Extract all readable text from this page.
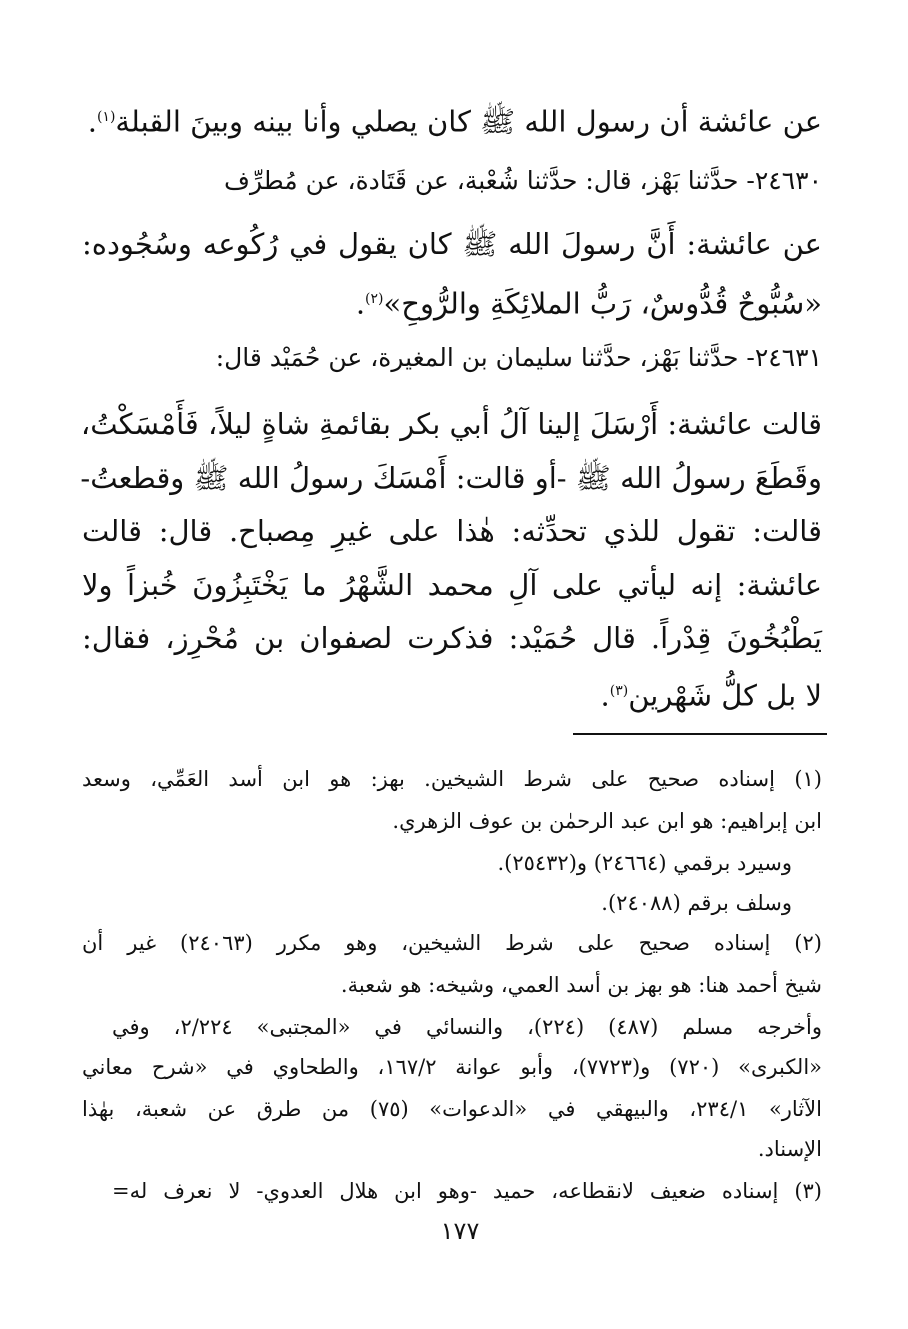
عن عائشة أن رسول الله ﷺ كان يصلي وأنا بينه وبينَ القبلة$^{(١)}$.

٢٤٦٣٠- حدَّثنا بَهْز، قال: حدَّثنا شُعْبة، عن قَتَادة، عن مُطرِّف

عن عائشة: أَنَّ رسولَ الله ﷺ كان يقول في رُكُوعه وسُجُوده:

«سُبُّوحٌ قُدُّوسٌ، رَبُّ الملائِكَةِ والرُّوحِ»$^{(٢)}$.

٢٤٦٣١- حدَّثنا بَهْز، حدَّثنا سليمان بن المغيرة، عن حُمَيْد قال:

قالت عائشة: أَرْسَلَ إلينا آلُ أبي بكر بقائمةِ شاةٍ ليلاً، فَأَمْسَكْتُ،

وقَطَعَ رسولُ الله ﷺ -أو قالت: أَمْسَكَ رسولُ الله ﷺ وقطعتُ-

قالت: تقول للذي تحدِّثه: هٰذا على غيرِ مِصباح. قال: قالت

عائشة: إنه ليأتي على آلِ محمد الشَّهْرُ ما يَخْتَبِزُونَ خُبزاً ولا

يَطْبُخُونَ قِدْراً. قال حُمَيْد: فذكرت لصفوان بن مُحْرِز، فقال:

لا بل كلُّ شَهْرين$^{(٣)}$.

(١) إسناده صحيح على شرط الشيخين. بهز: هو ابن أسد العَمِّي، وسعد

ابن إبراهيم: هو ابن عبد الرحمٰن بن عوف الزهري.

وسيرد برقمي (٢٤٦٦٤) و(٢٥٤٣٢).

وسلف برقم (٢٤٠٨٨).

(٢) إسناده صحيح على شرط الشيخين، وهو مكرر (٢٤٠٦٣) غير أن

شيخ أحمد هنا: هو بهز بن أسد العمي، وشيخه: هو شعبة.

وأخرجه مسلم (٤٨٧) (٢٢٤)، والنسائي في «المجتبى» ٢/٢٢٤، وفي

«الكبرى» (٧٢٠) و(٧٧٢٣)، وأبو عوانة ١٦٧/٢، والطحاوي في «شرح معاني

الآثار» ٢٣٤/١، والبيهقي في «الدعوات» (٧٥) من طرق عن شعبة، بهٰذا

الإسناد.

(٣) إسناده ضعيف لانقطاعه، حميد -وهو ابن هلال العدوي- لا نعرف له=

١٧٧
